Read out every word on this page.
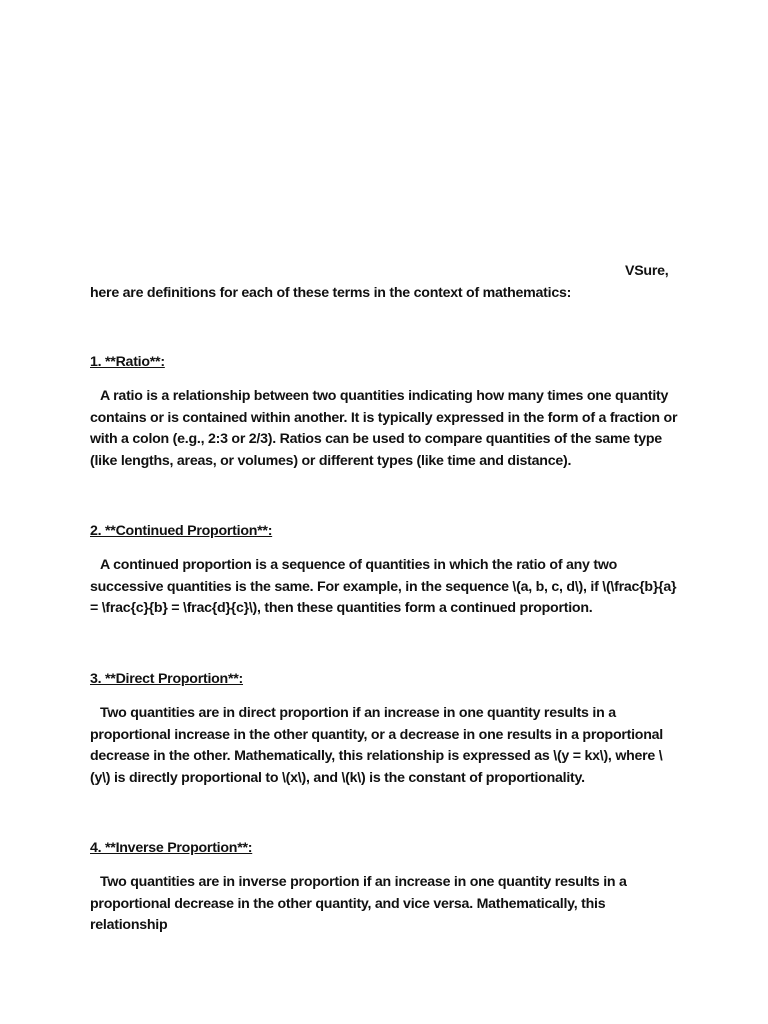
VSure,
here are definitions for each of these terms in the context of mathematics:
1. **Ratio**:
A ratio is a relationship between two quantities indicating how many times one quantity contains or is contained within another. It is typically expressed in the form of a fraction or with a colon (e.g., 2:3 or 2/3). Ratios can be used to compare quantities of the same type (like lengths, areas, or volumes) or different types (like time and distance).
2. **Continued Proportion**:
A continued proportion is a sequence of quantities in which the ratio of any two successive quantities is the same. For example, in the sequence \(a, b, c, d\), if \(\frac{b}{a} = \frac{c}{b} = \frac{d}{c}\), then these quantities form a continued proportion.
3. **Direct Proportion**:
Two quantities are in direct proportion if an increase in one quantity results in a proportional increase in the other quantity, or a decrease in one results in a proportional decrease in the other. Mathematically, this relationship is expressed as \(y = kx\), where \(y\) is directly proportional to \(x\), and \(k\) is the constant of proportionality.
4. **Inverse Proportion**:
Two quantities are in inverse proportion if an increase in one quantity results in a proportional decrease in the other quantity, and vice versa. Mathematically, this relationship
